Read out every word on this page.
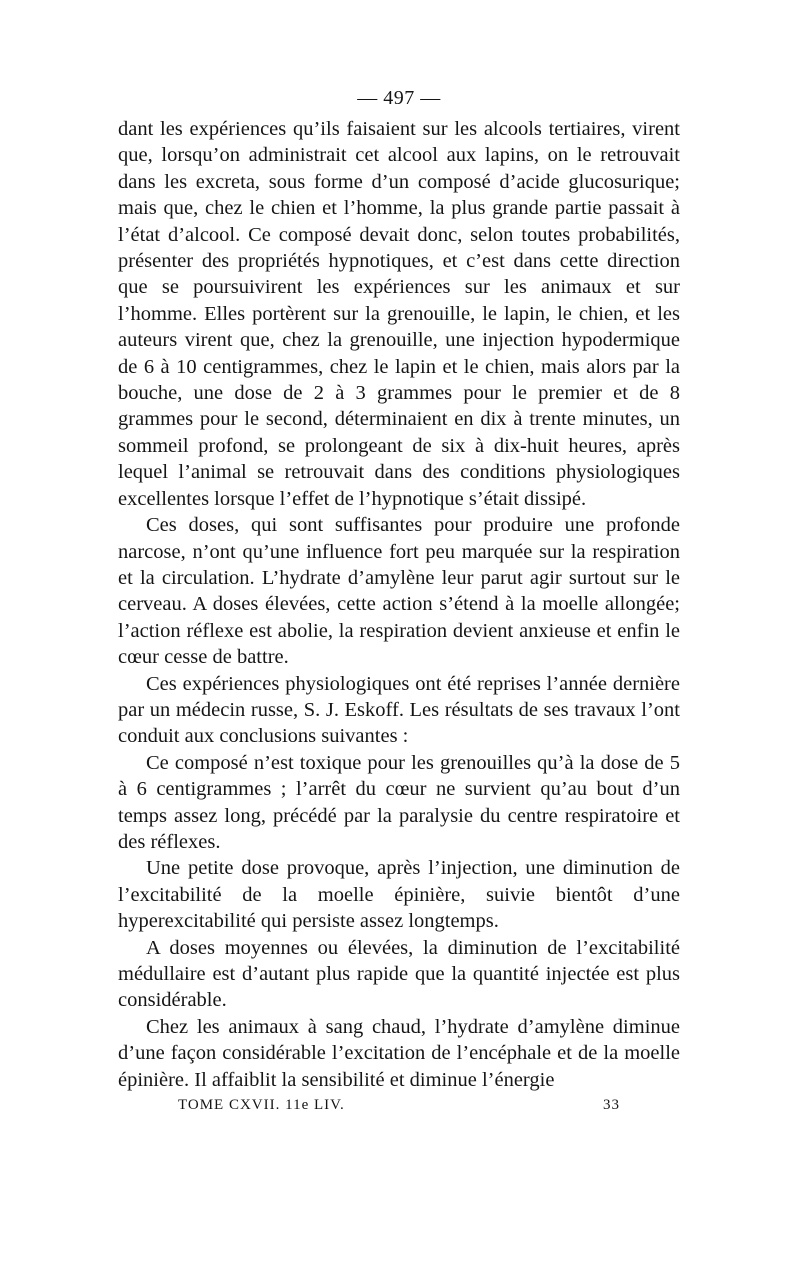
— 497 —

dant les expériences qu’ils faisaient sur les alcools tertiaires, virent que, lorsqu’on administrait cet alcool aux lapins, on le retrouvait dans les excreta, sous forme d’un composé d’acide glucosurique; mais que, chez le chien et l’homme, la plus grande partie passait à l’état d’alcool. Ce composé devait donc, selon toutes probabilités, présenter des propriétés hypnotiques, et c’est dans cette direction que se poursuivirent les expériences sur les animaux et sur l’homme. Elles portèrent sur la grenouille, le lapin, le chien, et les auteurs virent que, chez la grenouille, une injection hypodermique de 6 à 10 centigrammes, chez le lapin et le chien, mais alors par la bouche, une dose de 2 à 3 grammes pour le premier et de 8 grammes pour le second, déterminaient en dix à trente minutes, un sommeil profond, se prolongeant de six à dix-huit heures, après lequel l’animal se retrouvait dans des conditions physiologiques excellentes lorsque l’effet de l’hypnotique s’était dissipé.

Ces doses, qui sont suffisantes pour produire une profonde narcose, n’ont qu’une influence fort peu marquée sur la respiration et la circulation. L’hydrate d’amylène leur parut agir surtout sur le cerveau. A doses élevées, cette action s’étend à la moelle allongée; l’action réflexe est abolie, la respiration devient anxieuse et enfin le cœur cesse de battre.

Ces expériences physiologiques ont été reprises l’année dernière par un médecin russe, S. J. Eskoff. Les résultats de ses travaux l’ont conduit aux conclusions suivantes :

Ce composé n’est toxique pour les grenouilles qu’à la dose de 5 à 6 centigrammes ; l’arrêt du cœur ne survient qu’au bout d’un temps assez long, précédé par la paralysie du centre respiratoire et des réflexes.

Une petite dose provoque, après l’injection, une diminution de l’excitabilité de la moelle épinière, suivie bientôt d’une hyperexcitabilité qui persiste assez longtemps.

A doses moyennes ou élevées, la diminution de l’excitabilité médullaire est d’autant plus rapide que la quantité injectée est plus considérable.

Chez les animaux à sang chaud, l’hydrate d’amylène diminue d’une façon considérable l’excitation de l’encéphale et de la moelle épinière. Il affaiblit la sensibilité et diminue l’énergie

TOME CXVII. 11e LIV.	33
